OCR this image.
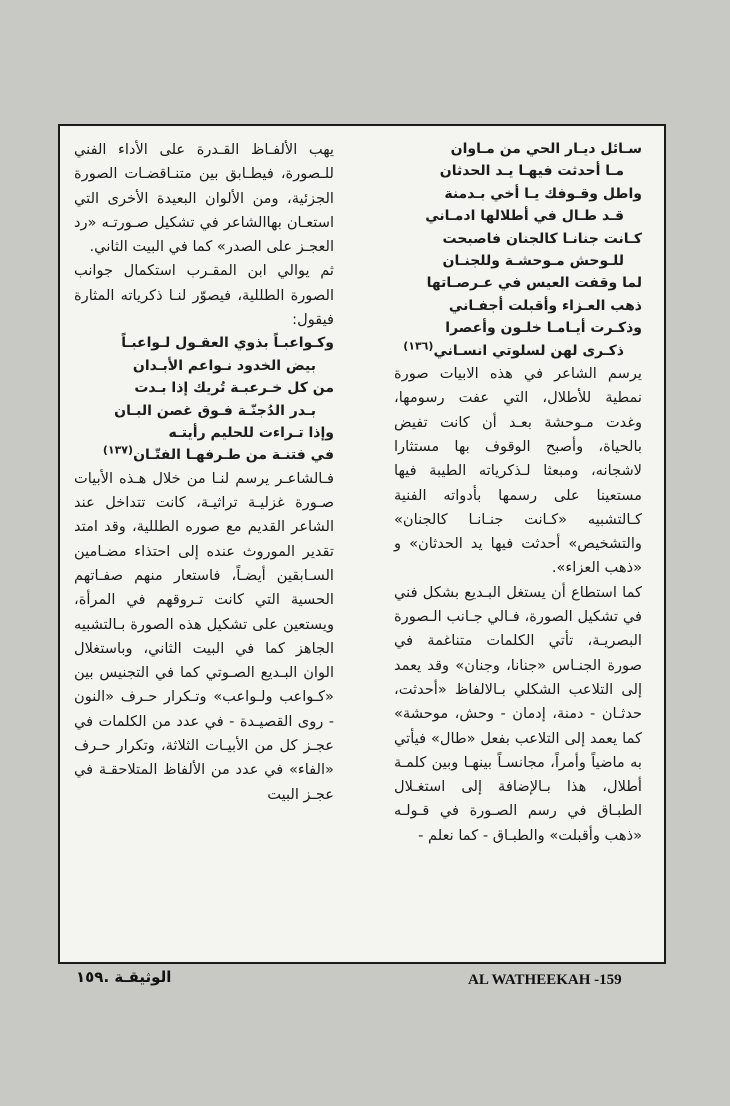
سـائل ديـار الحي من مـاوان
مـا أحدثت فيهـا يـد الحدثان
واطل وقـوفك يـا أخي بـدمنة
قـد طـال في أطلالها ادمـاني
كـانت جنانـا كالجنان فاصبحت
للـوحش مـوحشـة وللجنـان
لما وقفت العيس في عـرصـاتها
ذهب العـزاء وأقبلت أجفـاني
وذكـرت أيـامـا خلـون وأعصرا
ذكـرى لهن لسلوتي انسـاني$^{(١٣٦)}$

يرسم الشاعر في هذه الابيات صورة نمطية للأطلال، التي عفت رسومها، وغدت مـوحشة بعـد أن كانت تفيض بالحياة، وأصبح الوقوف بها مستثارا لاشجانه، ومبعثا لـذكرياته الطيبة فيها مستعينا على رسمها بأدواته الفنية كـالتشبيه «كـانت جنـانـا كالجنان» والتشخيص» أحدثت فيها يد الحدثان» و «ذهب العزاء».

كما استطاع أن يستغل البـديع بشكل فني في تشكيل الصورة، فـالي جـانب الـصورة البصريـة، تأتي الكلمات متناغمة في صورة الجنـاس «جنانا، وجنان» وقد يعمد إلى التلاعب الشكلي بـالالفاظ «أحدثت، حدثـان - دمنة، إدمان - وحش، موحشة» كما يعمد إلى التلاعب بفعل «طال» فيأتي به ماضياً وأمراً، مجانسـاً بينهـا وبين كلمـة أطلال، هذا بـالإضافة إلى استغـلال الطبـاق في رسم الصـورة في قـولـه «ذهب وأقبلت» والطبـاق - كما نعلم -

يهب الألفـاظ القـدرة على الأداء الفني للـصورة، فيطـابق بين متنـاقضـات الصورة الجزئية، ومن الألوان البعيدة الأخرى التي استعـان بهاالشاعر في تشكيل صـورتـه «رد العجـز على الصدر» كما في البيت الثاني.

ثم يوالي ابن المقـرب استكمال جوانب الصورة الطللية، فيصوّر لنـا ذكرياته المثارة فيقول:

وكـواعبـاً بذوي العقـول لـواعبـاً
بيض الخدود نـواعم الأبـدان
من كل خـرعبـة تُريك إذا بـدت
بـدر الدُجنّـة فـوق غصن البـان
وإذا تـراءت للحليم رأيتـه
في فتنـة من طـرفهـا الفتّـان$^{(١٣٧)}$

فـالشاعـر يرسم لنـا من خلال هـذه الأبيات صـورة غزليـة تراثيـة، كانت تتداخل عند الشاعر القديم مع صوره الطللية، وقد امتد تقدير الموروث عنده إلى احتذاء مضـامين السـابقين أيضـاً، فاستعار منهم صفـاتهم الحسية التي كانت تـروقهم في المرأة، ويستعين على تشكيل هذه الصورة بـالتشبيه الجاهز كما في البيت الثاني، وباستغلال الوان البـديع الصـوتي كما في التجنيس بين «كـواعب ولـواعب» وتـكرار حـرف «النون - روى القصيـدة - في عدد من الكلمات في عجـز كل من الأبيـات الثلاثة، وتكرار حـرف «الفاء» في عدد من الألفاظ المتلاحقـة في عجـز البيت

AL WATHEEKAH -159
الوثيقـة .١٥٩
